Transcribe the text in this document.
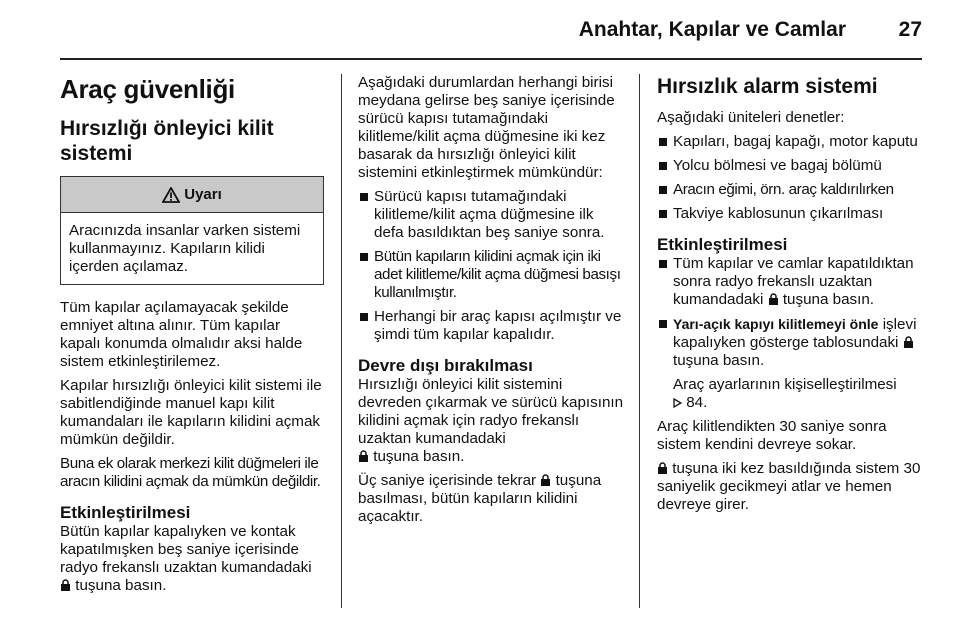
Anahtar, Kapılar ve Camlar	27
Araç güvenliği
Hırsızlığı önleyici kilit sistemi
Uyarı
Aracınızda insanlar varken sistemi kullanmayınız. Kapıların kilidi içerden açılamaz.

Tüm kapılar açılamayacak şekilde emniyet altına alınır. Tüm kapılar kapalı konumda olmalıdır aksi halde sistem etkinleştirilemez.

Kapılar hırsızlığı önleyici kilit sistemi ile sabitlendiğinde manuel kapı kilit kumandaları ile kapıların kilidini açmak mümkün değildir.

Buna ek olarak merkezi kilit düğmeleri ile aracın kilidini açmak da mümkün değildir.

Etkinleştirilmesi

Bütün kapılar kapalıyken ve kontak kapatılmışken beş saniye içerisinde radyo frekanslı uzaktan kumandadaki  tuşuna basın.

Aşağıdaki durumlardan herhangi birisi meydana gelirse beş saniye içerisinde sürücü kapısı tutamağındaki kilitleme/kilit açma düğmesine iki kez basarak da hırsızlığı önleyici kilit sistemini etkinleştirmek mümkündür:

Sürücü kapısı tutamağındaki kilitleme/kilit açma düğmesine ilk defa basıldıktan beş saniye sonra.
Bütün kapıların kilidini açmak için iki adet kilitleme/kilit açma düğmesi basışı kullanılmıştır.
Herhangi bir araç kapısı açılmıştır ve şimdi tüm kapılar kapalıdır.
Devre dışı bırakılması

Hırsızlığı önleyici kilit sistemini devreden çıkarmak ve sürücü kapısının kilidini açmak için radyo frekanslı uzaktan kumandadaki
tuşuna basın.

Üç saniye içerisinde tekrar tuşuna basılması, bütün kapıların kilidini açacaktır.

Hırsızlık alarm sistemi

Aşağıdaki üniteleri denetler:

Kapıları, bagaj kapağı, motor kaputu
Yolcu bölmesi ve bagaj bölümü
Aracın eğimi, örn. araç kaldırılırken
Takviye kablosunun çıkarılması
Etkinleştirilmesi
Tüm kapılar ve camlar kapatıldıktan sonra radyo frekanslı uzaktan kumandadaki tuşuna basın.
Yarı-açık kapıyı kilitlemeyi önle işlevi kapalıyken gösterge tablosundaki  tuşuna basın.

Araç ayarlarının kişiselleştirilmesi
84.

Araç kilitlendikten 30 saniye sonra sistem kendini devreye sokar.

tuşuna iki kez basıldığında sistem 30 saniyelik gecikmeyi atlar ve hemen devreye girer.
